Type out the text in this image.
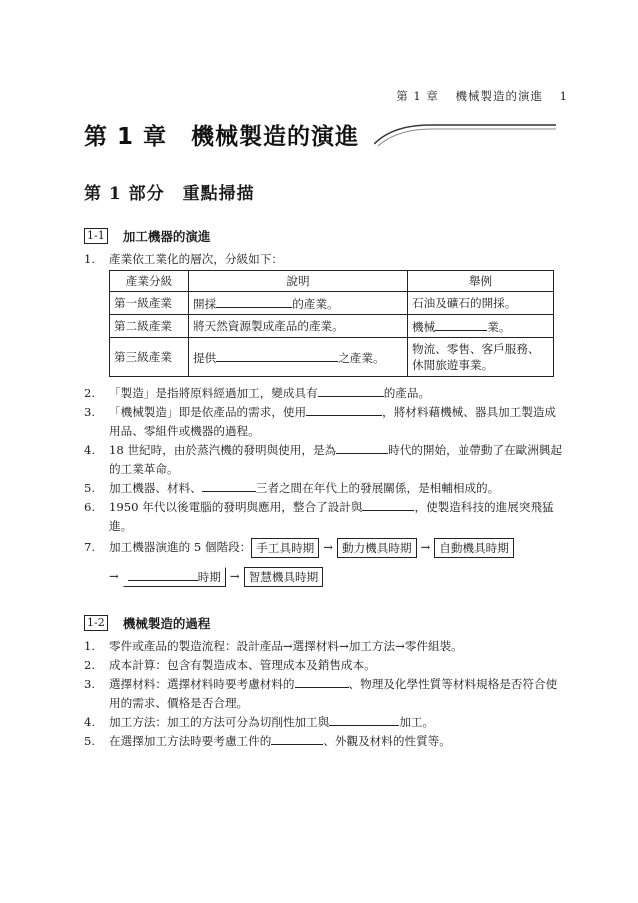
第 1 章 機械製造的演進 1
第 1 章　機械製造的演進
第 1 部分　重點掃描
1-1 加工機器的演進
1. 產業依工業化的層次，分級如下：
產業分級	說明	舉例
第一級產業	開採 的產業。	石油及礦石的開採。
第二級產業	將天然資源製成產品的產業。	機械 業。
第三級產業	提供 之產業。	物流、零售、客戶服務、休閒旅遊事業。
2. 「製造」是指將原料經過加工，變成具有	的產品。
3. 「機械製造」即是依產品的需求，使用	，將材料藉機械、器具加工製造成用品、零組件或機器的過程。
4. 18 世紀時，由於蒸汽機的發明與使用，是為	時代的開始，並帶動了在歐洲興起的工業革命。
5. 加工機器、材料、	三者之間在年代上的發展關係，是相輔相成的。
6. 1950 年代以後電腦的發明與應用，整合了設計與	，使製造科技的進展突飛猛進。
7. 加工機器演進的 5 個階段： 手工具時期 → 動力機具時期 → 自動機具時期
→	時期 → 智慧機具時期
1-2 機械製造的過程
1. 零件或產品的製造流程：設計產品→選擇材料→加工方法→零件組裝。
2. 成本計算：包含有製造成本、管理成本及銷售成本。
3. 選擇材料：選擇材料時要考慮材料的	、物理及化學性質等材料規格是否符合使用的需求、價格是否合理。
4. 加工方法：加工的方法可分為切削性加工與	加工。
5. 在選擇加工方法時要考慮工件的	、外觀及材料的性質等。
